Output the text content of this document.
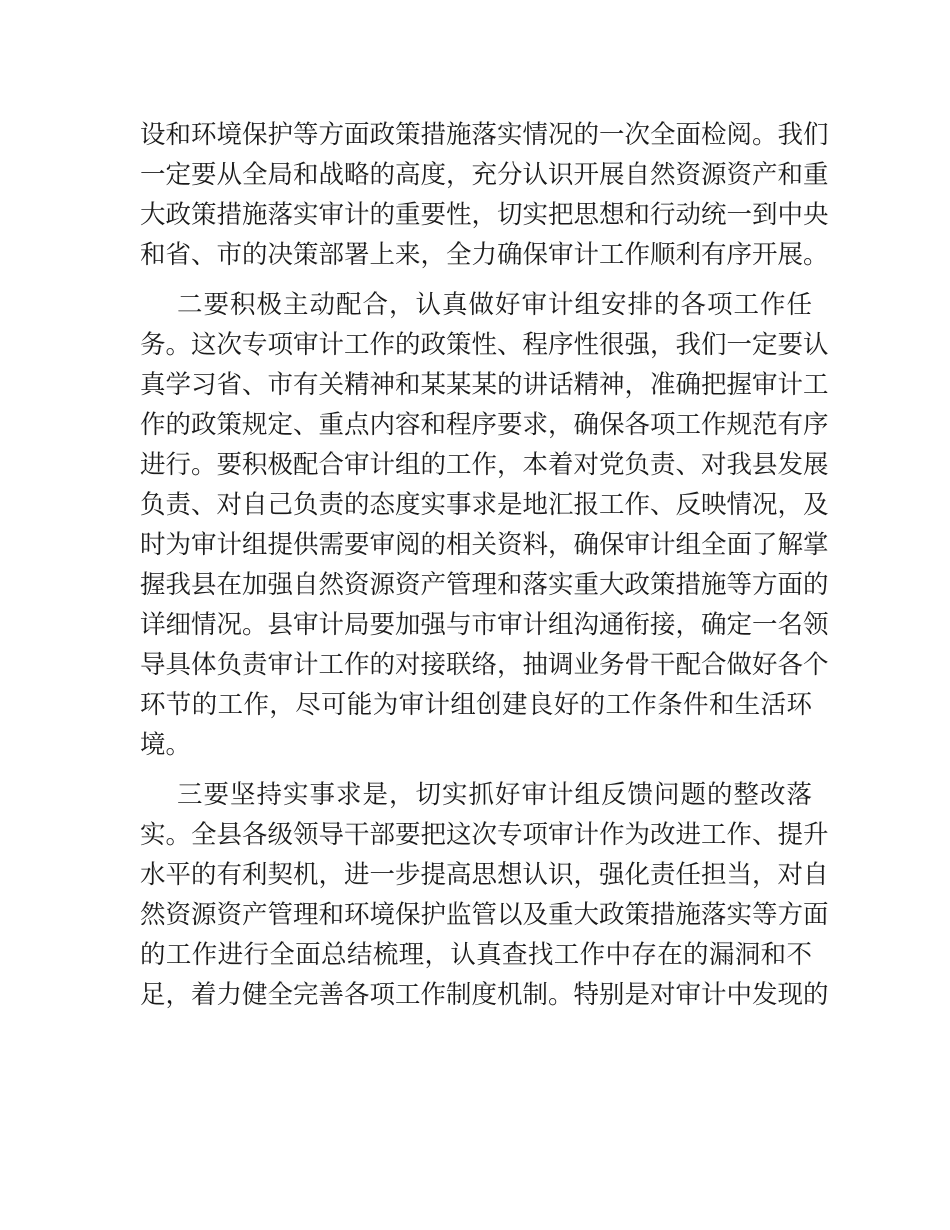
设和环境保护等方面政策措施落实情况的一次全面检阅。我们
一定要从全局和战略的高度，充分认识开展自然资源资产和重
大政策措施落实审计的重要性，切实把思想和行动统一到中央
和省、市的决策部署上来，全力确保审计工作顺利有序开展。
二要积极主动配合，认真做好审计组安排的各项工作任
务。这次专项审计工作的政策性、程序性很强，我们一定要认
真学习省、市有关精神和某某某的讲话精神，准确把握审计工
作的政策规定、重点内容和程序要求，确保各项工作规范有序
进行。要积极配合审计组的工作，本着对党负责、对我县发展
负责、对自己负责的态度实事求是地汇报工作、反映情况，及
时为审计组提供需要审阅的相关资料，确保审计组全面了解掌
握我县在加强自然资源资产管理和落实重大政策措施等方面的
详细情况。县审计局要加强与市审计组沟通衔接，确定一名领
导具体负责审计工作的对接联络，抽调业务骨干配合做好各个
环节的工作，尽可能为审计组创建良好的工作条件和生活环
境。
三要坚持实事求是，切实抓好审计组反馈问题的整改落
实。全县各级领导干部要把这次专项审计作为改进工作、提升
水平的有利契机，进一步提高思想认识，强化责任担当，对自
然资源资产管理和环境保护监管以及重大政策措施落实等方面
的工作进行全面总结梳理，认真查找工作中存在的漏洞和不
足，着力健全完善各项工作制度机制。特别是对审计中发现的
